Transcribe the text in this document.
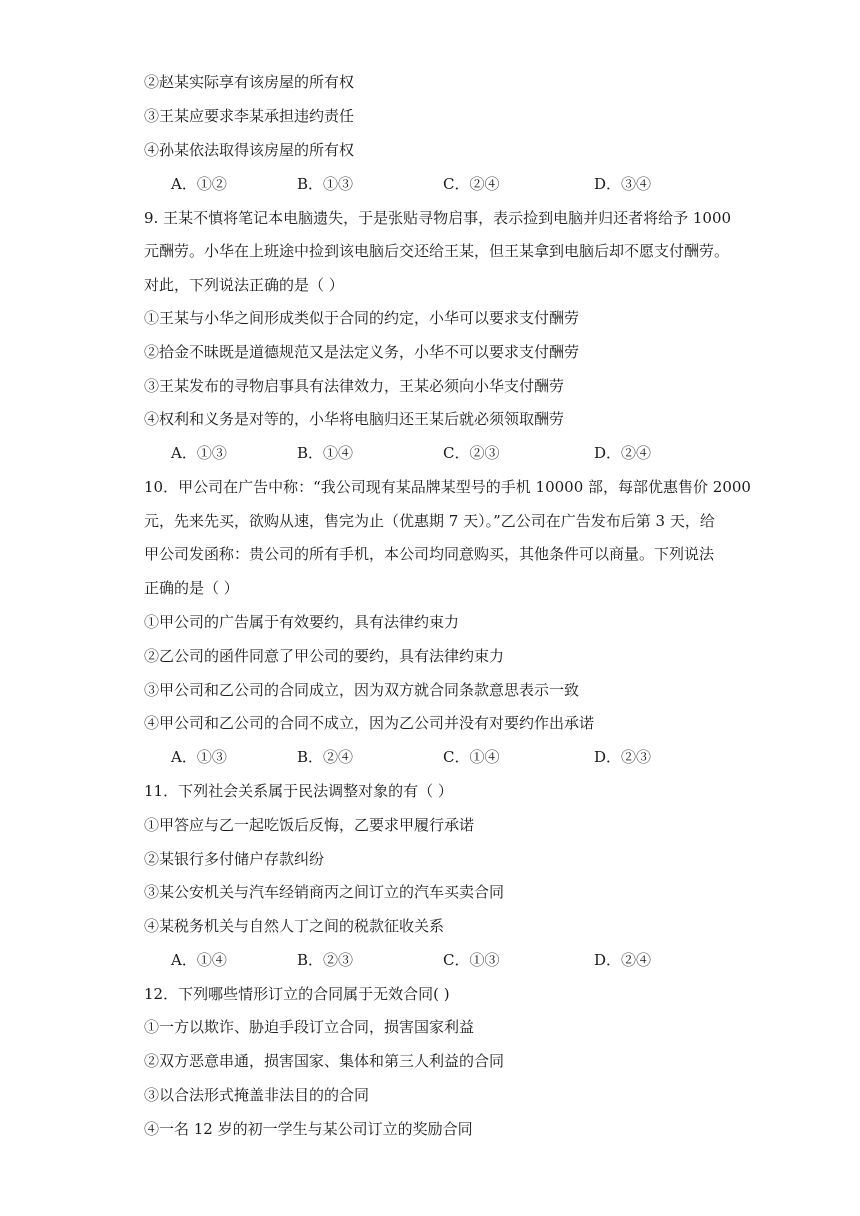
②赵某实际享有该房屋的所有权
③王某应要求李某承担违约责任
④孙某依法取得该房屋的所有权
A．①②	B．①③	C．②④	D．③④
9. 王某不慎将笔记本电脑遗失，于是张贴寻物启事，表示捡到电脑并归还者将给予 1000
元酬劳。小华在上班途中捡到该电脑后交还给王某，但王某拿到电脑后却不愿支付酬劳。
对此，下列说法正确的是（ ）
①王某与小华之间形成类似于合同的约定，小华可以要求支付酬劳
②拾金不昧既是道德规范又是法定义务，小华不可以要求支付酬劳
③王某发布的寻物启事具有法律效力，王某必须向小华支付酬劳
④权利和义务是对等的，小华将电脑归还王某后就必须领取酬劳
A．①③	B．①④	C．②③	D．②④
10．甲公司在广告中称：“我公司现有某品牌某型号的手机 10000 部，每部优惠售价 2000
元，先来先买，欲购从速，售完为止（优惠期 7 天）。”乙公司在广告发布后第 3 天，给
甲公司发函称：贵公司的所有手机，本公司均同意购买，其他条件可以商量。下列说法
正确的是（ ）
①甲公司的广告属于有效要约，具有法律约束力
②乙公司的函件同意了甲公司的要约，具有法律约束力
③甲公司和乙公司的合同成立，因为双方就合同条款意思表示一致
④甲公司和乙公司的合同不成立，因为乙公司并没有对要约作出承诺
A．①③	B．②④	C．①④	D．②③
11．下列社会关系属于民法调整对象的有（ ）
①甲答应与乙一起吃饭后反悔，乙要求甲履行承诺
②某银行多付储户存款纠纷
③某公安机关与汽车经销商丙之间订立的汽车买卖合同
④某税务机关与自然人丁之间的税款征收关系
A．①④	B．②③	C．①③	D．②④
12．下列哪些情形订立的合同属于无效合同( )
①一方以欺诈、胁迫手段订立合同，损害国家利益
②双方恶意串通，损害国家、集体和第三人利益的合同
③以合法形式掩盖非法目的的合同
④一名 12 岁的初一学生与某公司订立的奖励合同
